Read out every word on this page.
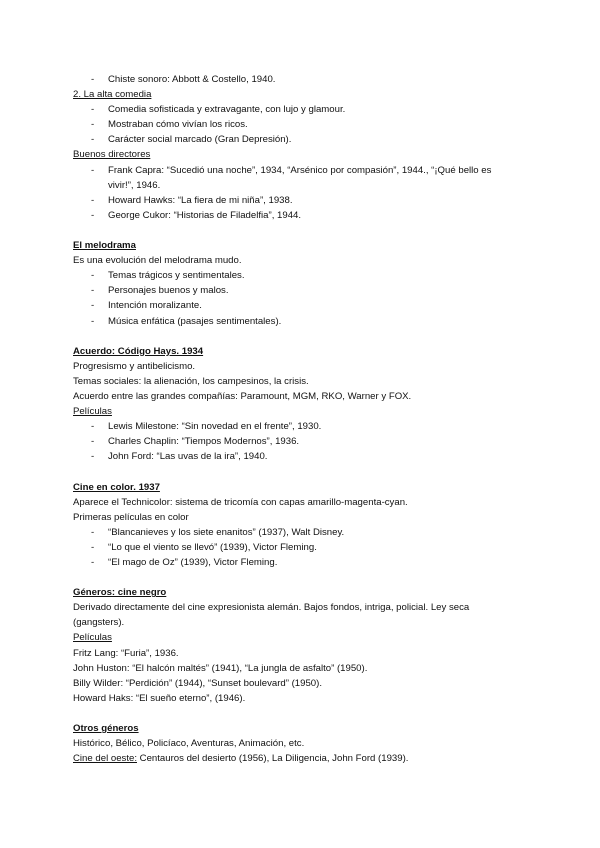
- Chiste sonoro: Abbott & Costello, 1940.
2. La alta comedia
- Comedia sofisticada y extravagante, con lujo y glamour.
- Mostraban cómo vivían los ricos.
- Carácter social marcado (Gran Depresión).
Buenos directores
- Frank Capra: “Sucedió una noche”, 1934, “Arsénico por compasión”, 1944., “¡Qué bello es vivir!”, 1946.
- Howard Hawks: “La fiera de mi niña”, 1938.
- George Cukor: “Historias de Filadelfia”, 1944.
El melodrama
Es una evolución del melodrama mudo.
- Temas trágicos y sentimentales.
- Personajes buenos y malos.
- Intención moralizante.
- Música enfática (pasajes sentimentales).
Acuerdo: Código Hays. 1934
Progresismo y antibelicismo.
Temas sociales: la alienación, los campesinos, la crisis.
Acuerdo entre las grandes compañías: Paramount, MGM, RKO, Warner y FOX.
Películas
- Lewis Milestone: “Sin novedad en el frente”, 1930.
- Charles Chaplin: “Tiempos Modernos”, 1936.
- John Ford: “Las uvas de la ira”, 1940.
Cine en color. 1937
Aparece el Technicolor: sistema de tricomía con capas amarillo-magenta-cyan.
Primeras películas en color
- “Blancanieves y los siete enanitos” (1937), Walt Disney.
- “Lo que el viento se llevó” (1939), Victor Fleming.
- “El mago de Oz” (1939), Victor Fleming.
Géneros: cine negro
Derivado directamente del cine expresionista alemán. Bajos fondos, intriga, policial. Ley seca
(gangsters).
Películas
Fritz Lang: “Furia”, 1936.
John Huston: “El halcón maltés” (1941), “La jungla de asfalto” (1950).
Billy Wilder: “Perdición” (1944), “Sunset boulevard” (1950).
Howard Haks: “El sueño eterno”, (1946).
Otros géneros
Histórico, Bélico, Policíaco, Aventuras, Animación, etc.
Cine del oeste: Centauros del desierto (1956), La Diligencia, John Ford (1939).
